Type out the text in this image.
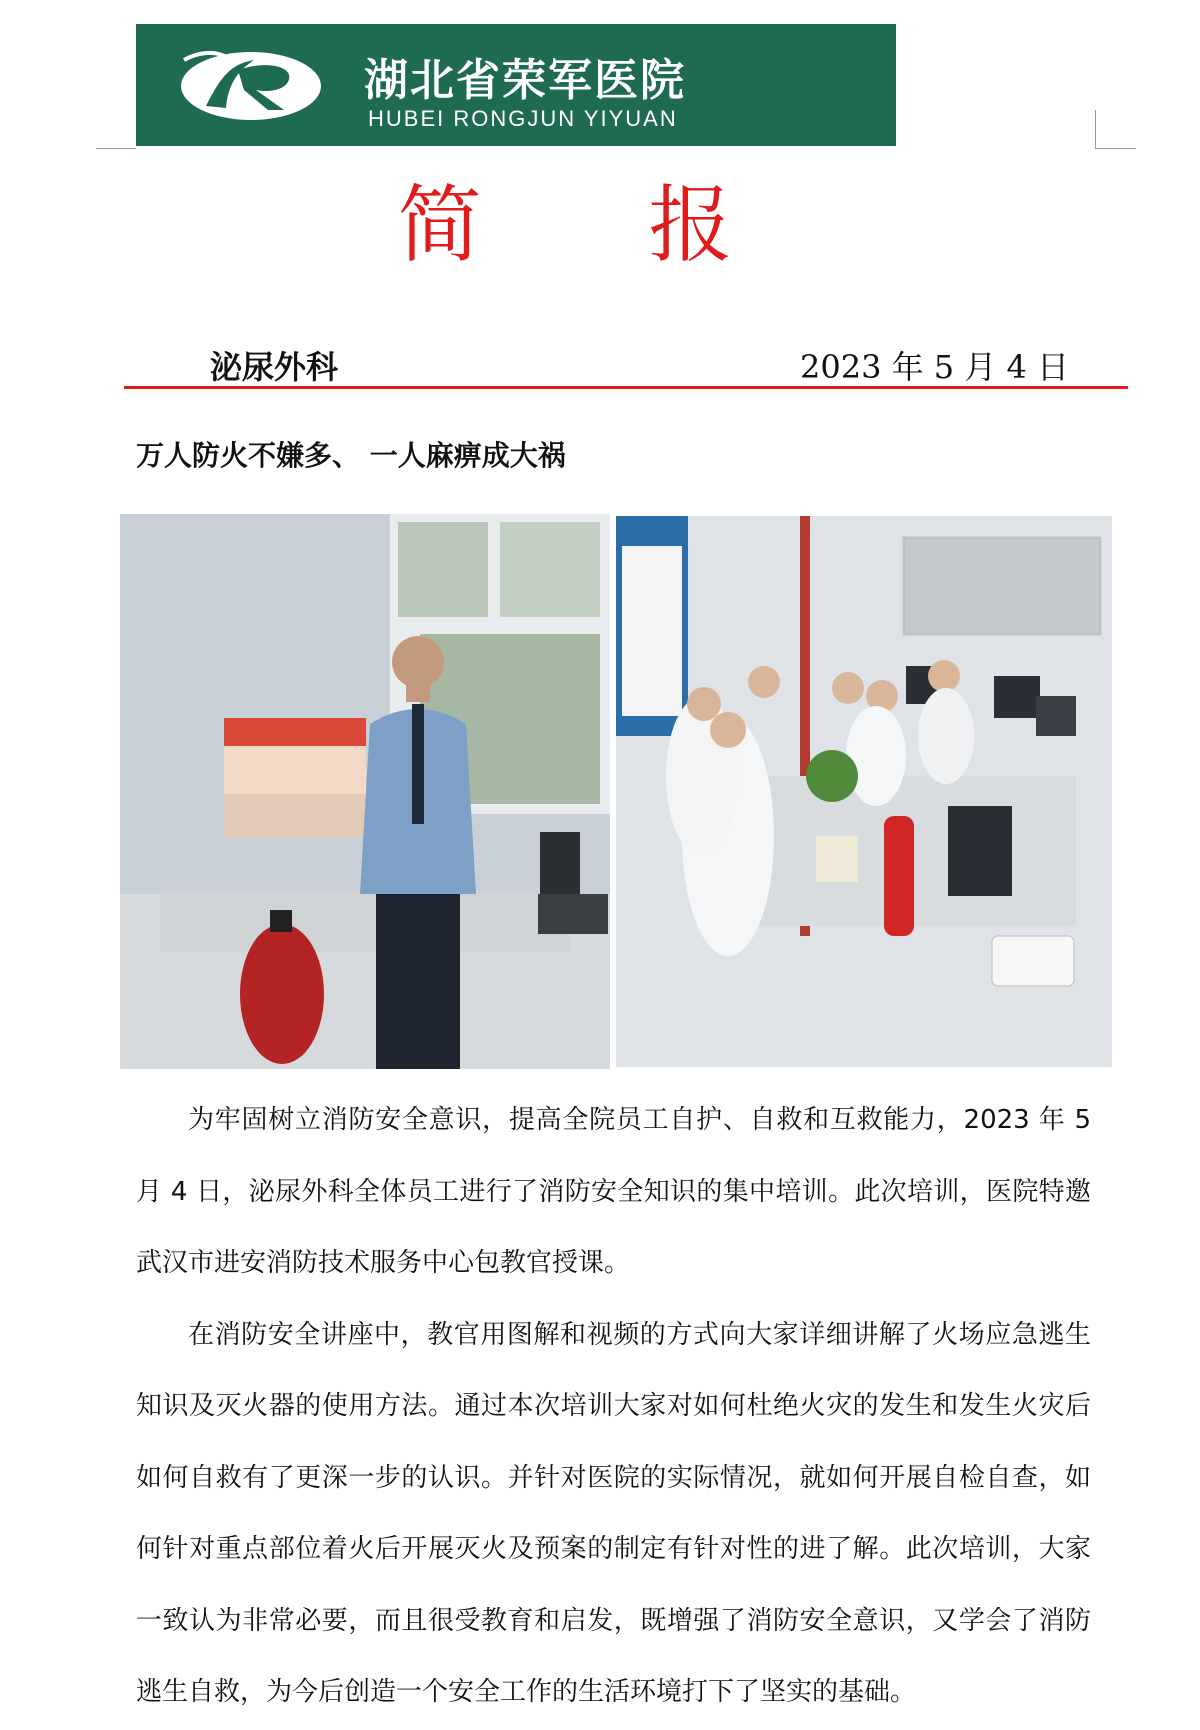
湖北省荣军医院
HUBEI RONGJUN YIYUAN
简 报
泌尿外科	2023 年 5 月 4 日
万人防火不嫌多、 一人麻痹成大祸

为牢固树立消防安全意识，提高全院员工自护、自救和互救能力，2023 年 5 月 4 日，泌尿外科全体员工进行了消防安全知识的集中培训。此次培训，医院特邀武汉市进安消防技术服务中心包教官授课。

在消防安全讲座中，教官用图解和视频的方式向大家详细讲解了火场应急逃生知识及灭火器的使用方法。通过本次培训大家对如何杜绝火灾的发生和发生火灾后如何自救有了更深一步的认识。并针对医院的实际情况，就如何开展自检自查，如何针对重点部位着火后开展灭火及预案的制定有针对性的进了解。此次培训，大家一致认为非常必要，而且很受教育和启发，既增强了消防安全意识，又学会了消防逃生自救，为今后创造一个安全工作的生活环境打下了坚实的基础。
